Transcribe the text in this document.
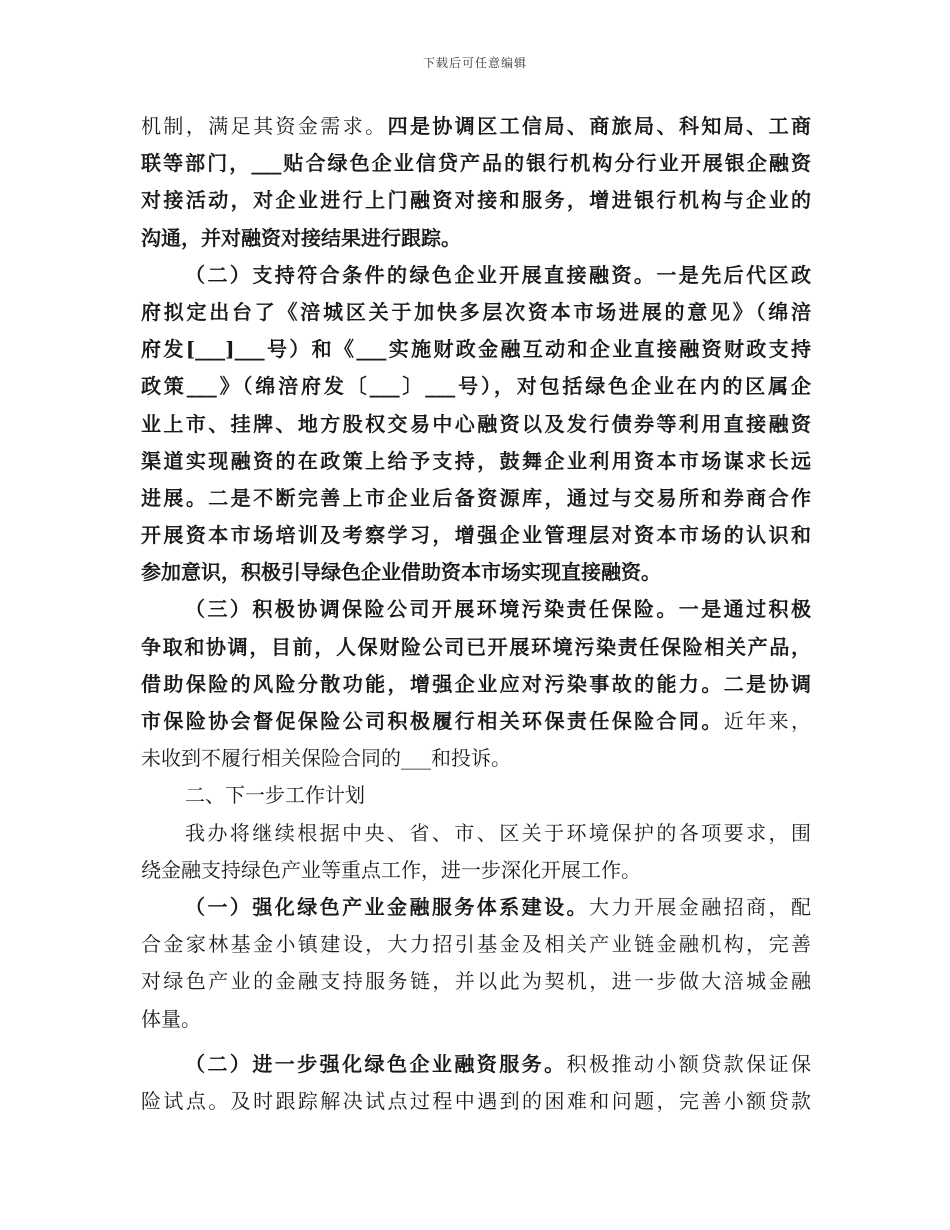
下载后可任意编辑
机制，满足其资金需求。四是协调区工信局、商旅局、科知局、工商
联等部门，___贴合绿色企业信贷产品的银行机构分行业开展银企融资
对接活动，对企业进行上门融资对接和服务，增进银行机构与企业的
沟通，并对融资对接结果进行跟踪。
（二）支持符合条件的绿色企业开展直接融资。一是先后代区政
府拟定出台了《涪城区关于加快多层次资本市场进展的意见》（绵涪
府发[___]___号）和《___实施财政金融互动和企业直接融资财政支持
政策___》（绵涪府发〔___〕___号），对包括绿色企业在内的区属企
业上市、挂牌、地方股权交易中心融资以及发行债券等利用直接融资
渠道实现融资的在政策上给予支持，鼓舞企业利用资本市场谋求长远
进展。二是不断完善上市企业后备资源库，通过与交易所和券商合作
开展资本市场培训及考察学习，增强企业管理层对资本市场的认识和
参加意识，积极引导绿色企业借助资本市场实现直接融资。
（三）积极协调保险公司开展环境污染责任保险。一是通过积极
争取和协调，目前，人保财险公司已开展环境污染责任保险相关产品，
借助保险的风险分散功能，增强企业应对污染事故的能力。二是协调
市保险协会督促保险公司积极履行相关环保责任保险合同。近年来，
未收到不履行相关保险合同的___和投诉。
二、下一步工作计划
我办将继续根据中央、省、市、区关于环境保护的各项要求，围
绕金融支持绿色产业等重点工作，进一步深化开展工作。
（一）强化绿色产业金融服务体系建设。大力开展金融招商，配
合金家林基金小镇建设，大力招引基金及相关产业链金融机构，完善
对绿色产业的金融支持服务链，并以此为契机，进一步做大涪城金融
体量。
（二）进一步强化绿色企业融资服务。积极推动小额贷款保证保
险试点。及时跟踪解决试点过程中遇到的困难和问题，完善小额贷款
